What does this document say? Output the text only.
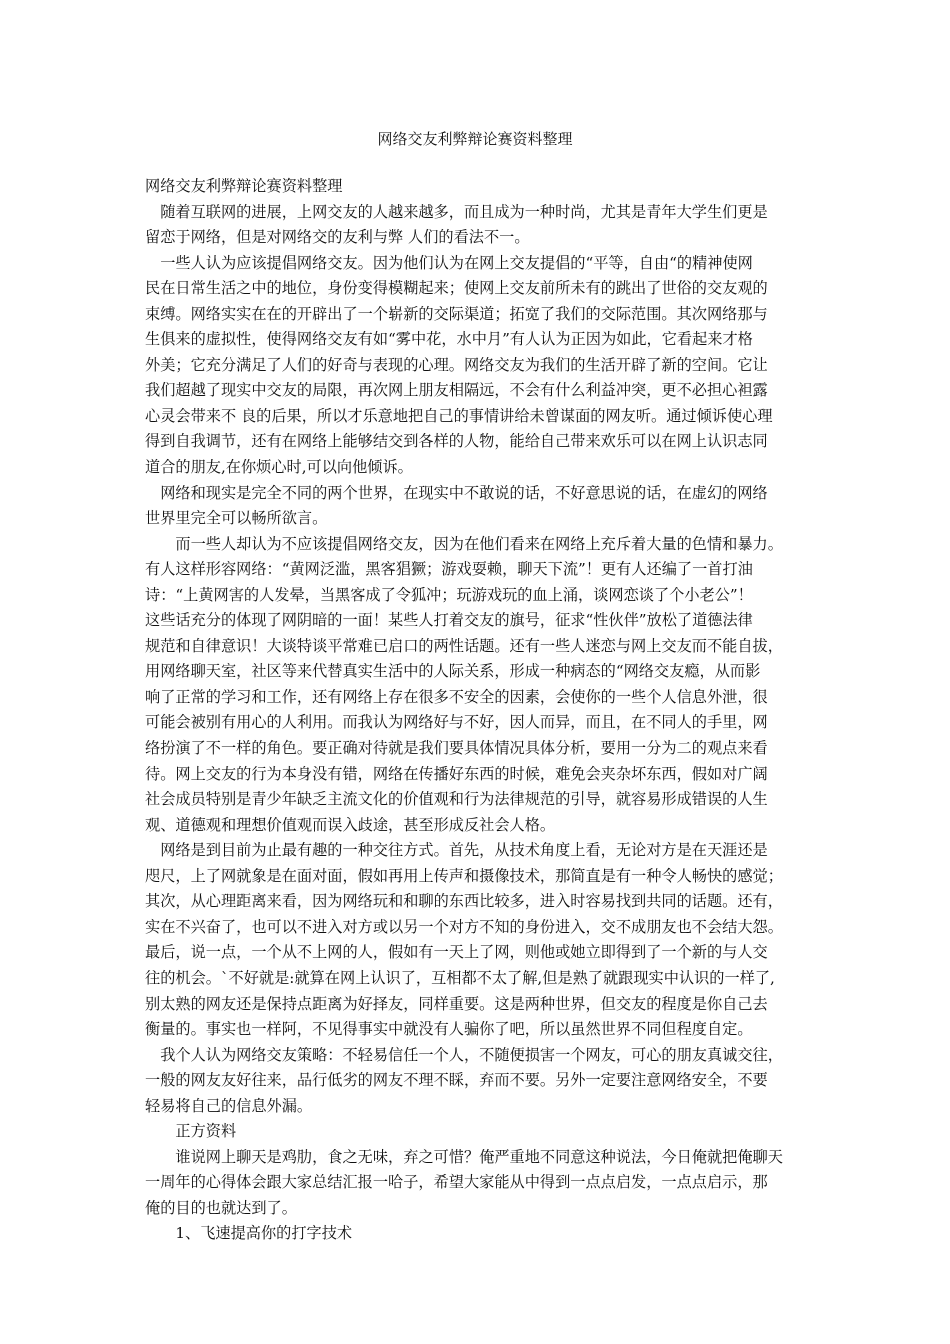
网络交友利弊辩论赛资料整理
网络交友利弊辩论赛资料整理
　随着互联网的进展，上网交友的人越来越多，而且成为一种时尚，尤其是青年大学生们更是
留恋于网络，但是对网络交的友利与弊 人们的看法不一。
　一些人认为应该提倡网络交友。因为他们认为在网上交友提倡的“平等，自由“的精神使网
民在日常生活之中的地位，身份变得模糊起来；使网上交友前所未有的跳出了世俗的交友观的
束缚。网络实实在在的开辟出了一个崭新的交际渠道；拓宽了我们的交际范围。其次网络那与
生俱来的虚拟性，使得网络交友有如“雾中花，水中月”有人认为正因为如此，它看起来才格
外美；它充分满足了人们的好奇与表现的心理。网络交友为我们的生活开辟了新的空间。它让
我们超越了现实中交友的局限，再次网上朋友相隔远，不会有什么利益冲突，更不必担心袒露
心灵会带来不 良的后果，所以才乐意地把自己的事情讲给未曾谋面的网友听。通过倾诉使心理
得到自我调节，还有在网络上能够结交到各样的人物，能给自己带来欢乐可以在网上认识志同
道合的朋友,在你烦心时,可以向他倾诉。
　网络和现实是完全不同的两个世界，在现实中不敢说的话，不好意思说的话，在虚幻的网络
世界里完全可以畅所欲言。
　　而一些人却认为不应该提倡网络交友，因为在他们看来在网络上充斥着大量的色情和暴力。
有人这样形容网络：“黄网泛滥，黑客猖獗；游戏耍赖，聊天下流”！更有人还编了一首打油
诗：“上黄网害的人发晕，当黑客成了令狐冲；玩游戏玩的血上涌，谈网恋谈了个小老公”！
这些话充分的体现了网阴暗的一面！某些人打着交友的旗号，征求“性伙伴”放松了道德法律
规范和自律意识！大谈特谈平常难已启口的两性话题。还有一些人迷恋与网上交友而不能自拔，
用网络聊天室，社区等来代替真实生活中的人际关系，形成一种病态的“网络交友瘾，从而影
响了正常的学习和工作，还有网络上存在很多不安全的因素，会使你的一些个人信息外泄，很
可能会被别有用心的人利用。而我认为网络好与不好，因人而异，而且，在不同人的手里，网
络扮演了不一样的角色。要正确对待就是我们要具体情况具体分析，要用一分为二的观点来看
待。网上交友的行为本身没有错，网络在传播好东西的时候，难免会夹杂坏东西，假如对广阔
社会成员特别是青少年缺乏主流文化的价值观和行为法律规范的引导，就容易形成错误的人生
观、道德观和理想价值观而误入歧途，甚至形成反社会人格。
　网络是到目前为止最有趣的一种交往方式。首先，从技术角度上看，无论对方是在天涯还是
咫尺，上了网就象是在面对面，假如再用上传声和摄像技术，那简直是有一种令人畅快的感觉；
其次，从心理距离来看，因为网络玩和和聊的东西比较多，进入时容易找到共同的话题。还有，
实在不兴奋了，也可以不进入对方或以另一个对方不知的身份进入，交不成朋友也不会结大怨。
最后，说一点，一个从不上网的人，假如有一天上了网，则他或她立即得到了一个新的与人交
往的机会。`不好就是:就算在网上认识了，互相都不太了解,但是熟了就跟现实中认识的一样了,
别太熟的网友还是保持点距离为好择友，同样重要。这是两种世界，但交友的程度是你自己去
衡量的。事实也一样阿，不见得事实中就没有人骗你了吧，所以虽然世界不同但程度自定。
　我个人认为网络交友策略：不轻易信任一个人，不随便损害一个网友，可心的朋友真诚交往，
一般的网友友好往来，品行低劣的网友不理不睬，弃而不要。另外一定要注意网络安全，不要
轻易将自己的信息外漏。
　　正方资料
　　谁说网上聊天是鸡肋，食之无味，弃之可惜？俺严重地不同意这种说法，今日俺就把俺聊天
一周年的心得体会跟大家总结汇报一哈子，希望大家能从中得到一点点启发，一点点启示，那
俺的目的也就达到了。
　　1、飞速提高你的打字技术
